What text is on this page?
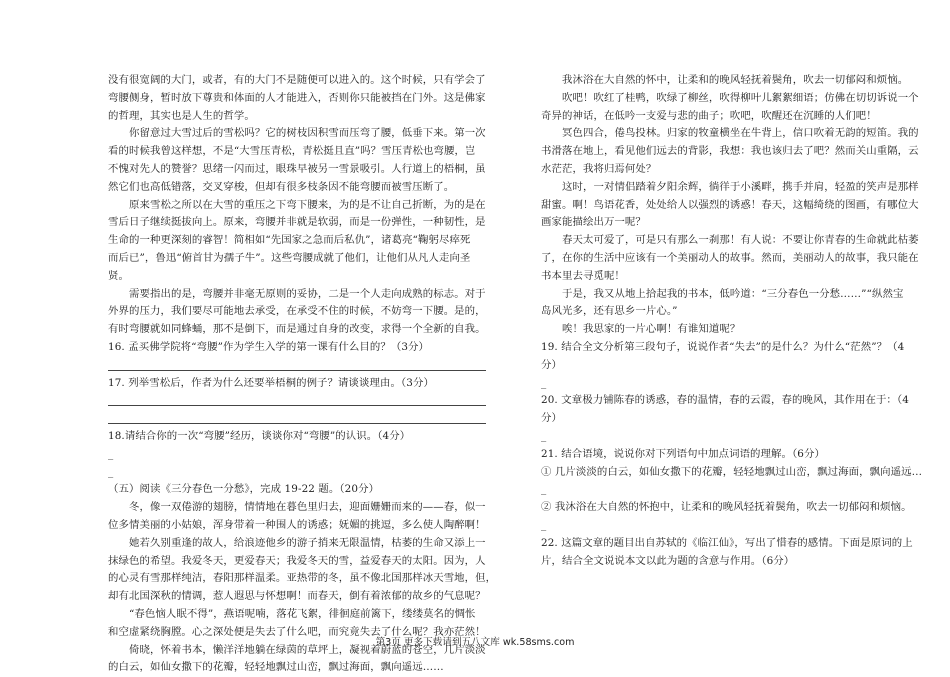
没有很宽阔的大门，或者，有的大门不是随便可以进入的。这个时候，只有学会了
弯腰侧身，暂时放下尊贵和体面的人才能进入，否则你只能被挡在门外。这是佛家
的哲理，其实也是人生的哲学。
你留意过大雪过后的雪松吗？它的树枝因积雪而压弯了腰，低垂下来。第一次
看的时候我曾这样想，不是“大雪压青松，青松挺且直”吗？雪压青松也弯腰，岂
不愧对先人的赞誉？思绪一闪而过，眼珠早被另一雪景吸引。人行道上的梧桐，虽
然它们也高低错落，交叉穿梭，但却有很多枝条因不能弯腰而被雪压断了。
原来雪松之所以在大雪的重压之下弯下腰来，为的是不让自己折断，为的是在
雪后日子继续挺拔向上。原来，弯腰并非就是软弱，而是一份弹性，一种韧性，是
生命的一种更深刻的睿智！简相如“先国家之急而后私仇”，诸葛亮“鞠躬尽瘁死
而后已”，鲁迅“俯首甘为孺子牛”。这些弯腰成就了他们，让他们从凡人走向圣
贤。
需要指出的是，弯腰并非毫无原则的妥协，二是一个人走向成熟的标志。对于
外界的压力，我们要尽可能地去承受，在承受不住的时候，不妨弯一下腰。是的，
有时弯腰就如同蜂蛹，那不是倒下，而是通过自身的改变，求得一个全新的自我。
16. 孟买佛学院将“弯腰”作为学生入学的第一课有什么目的？（3分）
17. 列举雪松后，作者为什么还要举梧桐的例子？请谈谈理由。（3分）
18.请结合你的一次“弯腰”经历，谈谈你对“弯腰”的认识。（4分）
_
_
（五）阅读《三分春色一分愁》，完成 19-22 题。（20分）
冬，像一双倦游的翅膀，情情地在暮色里归去，迎面姗姗而来的——春，似一
位多情美丽的小姑娘，浑身带着一种围人的诱惑；妩媚的挑逗，多么使人陶醉啊！
她若久别重逢的故人，给浪迹他乡的游子捎来无限温情，枯萎的生命又添上一
抹绿色的希望。我爱冬天，更爱春天；我爱冬天的雪，益爱春天的太阳。因为，人
的心灵有雪那样纯洁，春阳那样温柔。亚热带的冬，虽不像北国那样冰天雪地，但，
却有北国深秋的情调，惹人遐思与怀想啊！而春天，倒有着浓郁的故乡的气息呢？
“春色恼人眠不得”，燕语呢喃，落花飞絮，徘徊庭前篱下，缕缕莫名的惆怅
和空虚紧绕胸膛。心之深处便是失去了什么吧，而究竟失去了什么呢？我亦茫然！
倚晓，怀着书本，懒洋洋地躺在绿茵的草坪上，凝视着蔚蓝的苍空，几片淡淡
的白云，如仙女撒下的花瓣，轻轻地飘过山峦，飘过海面，飘向遥远……
我沐浴在大自然的怀中，让柔和的晚风轻抚着鬓角，吹去一切郁闷和烦恼。
吹吧！吹红了桂鸭，吹绿了柳丝，吹得柳叶儿絮絮细语；仿佛在切切诉说一个
奇异的神话，在低吟一支爱与悲的曲子；吹吧，吹醒还在沉睡的人们吧！
冥色四合，倦鸟投林。归家的牧童横坐在牛背上，信口吹着无韵的短笛。我的
书滑落在地上，看见他们远去的背影，我想：我也该归去了吧？然而关山重隔，云
水茫茫，我将归焉何处？
这时，一对情侣踏着夕阳余辉，徜徉于小溪畔，携手并肩，轻盈的笑声是那样
甜蜜。啊！鸟语花香，处处给人以强烈的诱惑！春天，这幅绮绕的图画，有哪位大
画家能描绘出万一呢？
春天太可爱了，可是只有那么一刹那！有人说：不要让你青春的生命就此枯萎
了，在你的生活中应该有一个美丽动人的故事。然而，美丽动人的故事，我只能在
书本里去寻觅呢！
于是，我又从地上拾起我的书本，低吟道：“三分春色一分愁……”“纵然宝
岛风光多，还有思乡一片心。”
唉！我思家的一片心啊！有谁知道呢？
19. 结合全文分析第三段句子，说说作者“失去”的是什么？为什么“茫然”？（4
分）
_
20. 文章极力铺陈春的诱惑，春的温情，春的云霞，春的晚风，其作用在于：（4
分）
_
21. 结合语境，说说你对下列语句中加点词语的理解。（6分）
① 几片淡淡的白云，如仙女撒下的花瓣，轻轻地飘过山峦，飘过海面，飘向遥远…
_
② 我沐浴在大自然的怀抱中，让柔和的晚风轻抚着鬓角，吹去一切郁闷和烦恼。
_
22. 这篇文章的题目出自苏轼的《临江仙》，写出了惜春的感情。下面是原词的上
片，结合全文说说本文以此为题的含意与作用。（6分）
第3页 更多下载请到五八文库 wk.58sms.com
